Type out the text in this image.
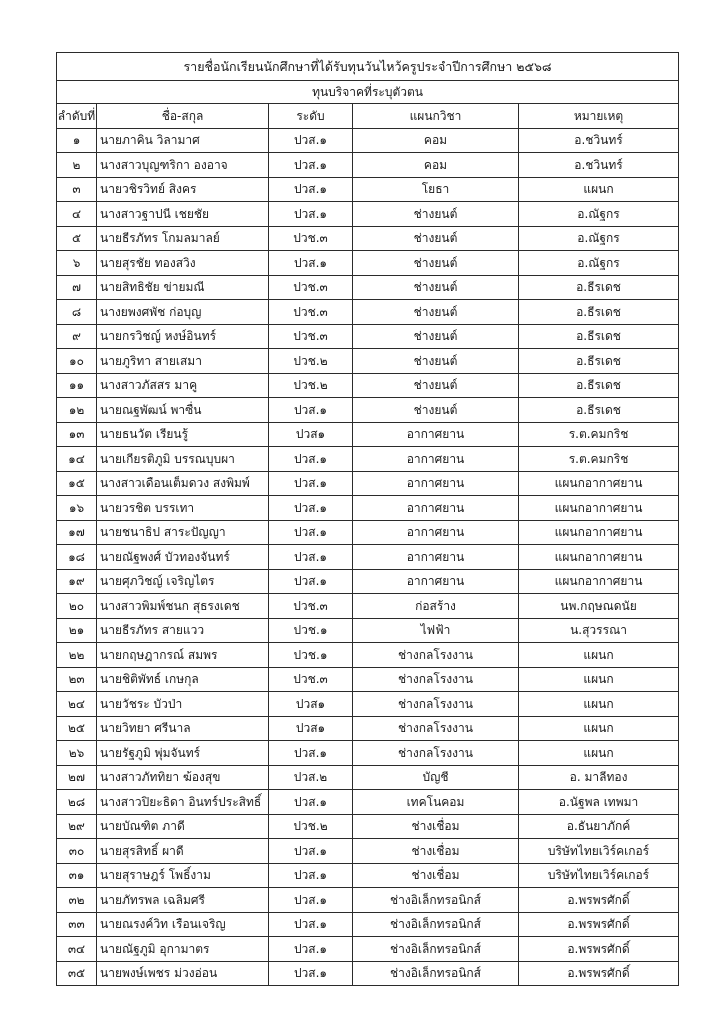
รายชื่อนักเรียนนักศึกษาที่ได้รับทุนวันไหว้ครูประจำปีการศึกษา ๒๕๖๘				
ทุนบริจาคที่ระบุตัวตน				
ลำดับที่	ชื่อ-สกุล	ระดับ	แผนกวิชา	หมายเหตุ
๑	นายภาคิน วิลามาศ	ปวส.๑	คอม	อ.ชวินทร์
๒	นางสาวบุญฑริกา องอาจ	ปวส.๑	คอม	อ.ชวินทร์
๓	นายวชิรวิทย์ สิงคร	ปวส.๑	โยธา	แผนก
๔	นางสาวฐาปนี เชยชัย	ปวส.๑	ช่างยนต์	อ.ณัฐกร
๕	นายธีรภัทร โกมลมาลย์	ปวช.๓	ช่างยนต์	อ.ณัฐกร
๖	นายสุรชัย ทองสวิง	ปวส.๑	ช่างยนต์	อ.ณัฐกร
๗	นายสิทธิชัย ข่ายมณี	ปวช.๓	ช่างยนต์	อ.ธีรเดช
๘	นางยพงศพัช ก่อบุญ	ปวช.๓	ช่างยนต์	อ.ธีรเดช
๙	นายกรวิชญ์ หงษ์อินทร์	ปวช.๓	ช่างยนต์	อ.ธีรเดช
๑๐	นายภูริทา สายเสมา	ปวช.๒	ช่างยนต์	อ.ธีรเดช
๑๑	นางสาวภัสสร มาคู	ปวช.๒	ช่างยนต์	อ.ธีรเดช
๑๒	นายณฐพัฒน์ พาซื่น	ปวส.๑	ช่างยนต์	อ.ธีรเดช
๑๓	นายธนวัต เรียนรู้	ปวส๑	อากาศยาน	ร.ต.คมกริช
๑๔	นายเกียรติภูมิ บรรณบุบผา	ปวส.๑	อากาศยาน	ร.ต.คมกริช
๑๕	นางสาวเดือนเต็มดวง สงพิมพ์	ปวส.๑	อากาศยาน	แผนกอากาศยาน
๑๖	นายวรชิต บรรเทา	ปวส.๑	อากาศยาน	แผนกอากาศยาน
๑๗	นายชนาธิป สาระปัญญา	ปวส.๑	อากาศยาน	แผนกอากาศยาน
๑๘	นายณัฐพงศ์ บัวทองจันทร์	ปวส.๑	อากาศยาน	แผนกอากาศยาน
๑๙	นายศุภวิชญ์ เจริญไตร	ปวส.๑	อากาศยาน	แผนกอากาศยาน
๒๐	นางสาวพิมพ์ชนก สุธรงเดช	ปวช.๓	ก่อสร้าง	นพ.กฤษณดนัย
๒๑	นายธีรภัทร สายแวว	ปวช.๑	ไฟฟ้า	น.สุวรรณา
๒๒	นายกฤษฎากรณ์ สมพร	ปวช.๑	ช่างกลโรงงาน	แผนก
๒๓	นายชิติพัทธ์ เกษกุล	ปวช.๓	ช่างกลโรงงาน	แผนก
๒๔	นายวัชระ บัวป่า	ปวส๑	ช่างกลโรงงาน	แผนก
๒๕	นายวิทยา ศรีนาล	ปวส๑	ช่างกลโรงงาน	แผนก
๒๖	นายรัฐภูมิ พุ่มจันทร์	ปวส.๑	ช่างกลโรงงาน	แผนก
๒๗	นางสาวภัททิยา ฆ้องสุข	ปวส.๒	บัญชี	อ. มาลีทอง
๒๘	นางสาวปิยะธิดา อินทร์ประสิทธิ์	ปวส.๑	เทคโนคอม	อ.นัฐพล เทพมา
๒๙	นายบัณฑิต ภาดี	ปวช.๒	ช่างเชื่อม	อ.ธันยาภักค์
๓๐	นายสุรสิทธิ์ ผาดี	ปวส.๑	ช่างเชื่อม	บริษัทไทยเวิร์คเกอร์
๓๑	นายสุราษฎร์ โพธิ์งาม	ปวส.๑	ช่างเชื่อม	บริษัทไทยเวิร์คเกอร์
๓๒	นายภัทรพล เฉลิมศรี	ปวส.๑	ช่างอิเล็กทรอนิกส์	อ.พรพรศักดิ์
๓๓	นายณรงค์วิท เรือนเจริญ	ปวส.๑	ช่างอิเล็กทรอนิกส์	อ.พรพรศักดิ์
๓๔	นายณัฐภูมิ อุกามาตร	ปวส.๑	ช่างอิเล็กทรอนิกส์	อ.พรพรศักดิ์
๓๕	นายพงษ์เพชร ม่วงอ่อน	ปวส.๑	ช่างอิเล็กทรอนิกส์	อ.พรพรศักดิ์
